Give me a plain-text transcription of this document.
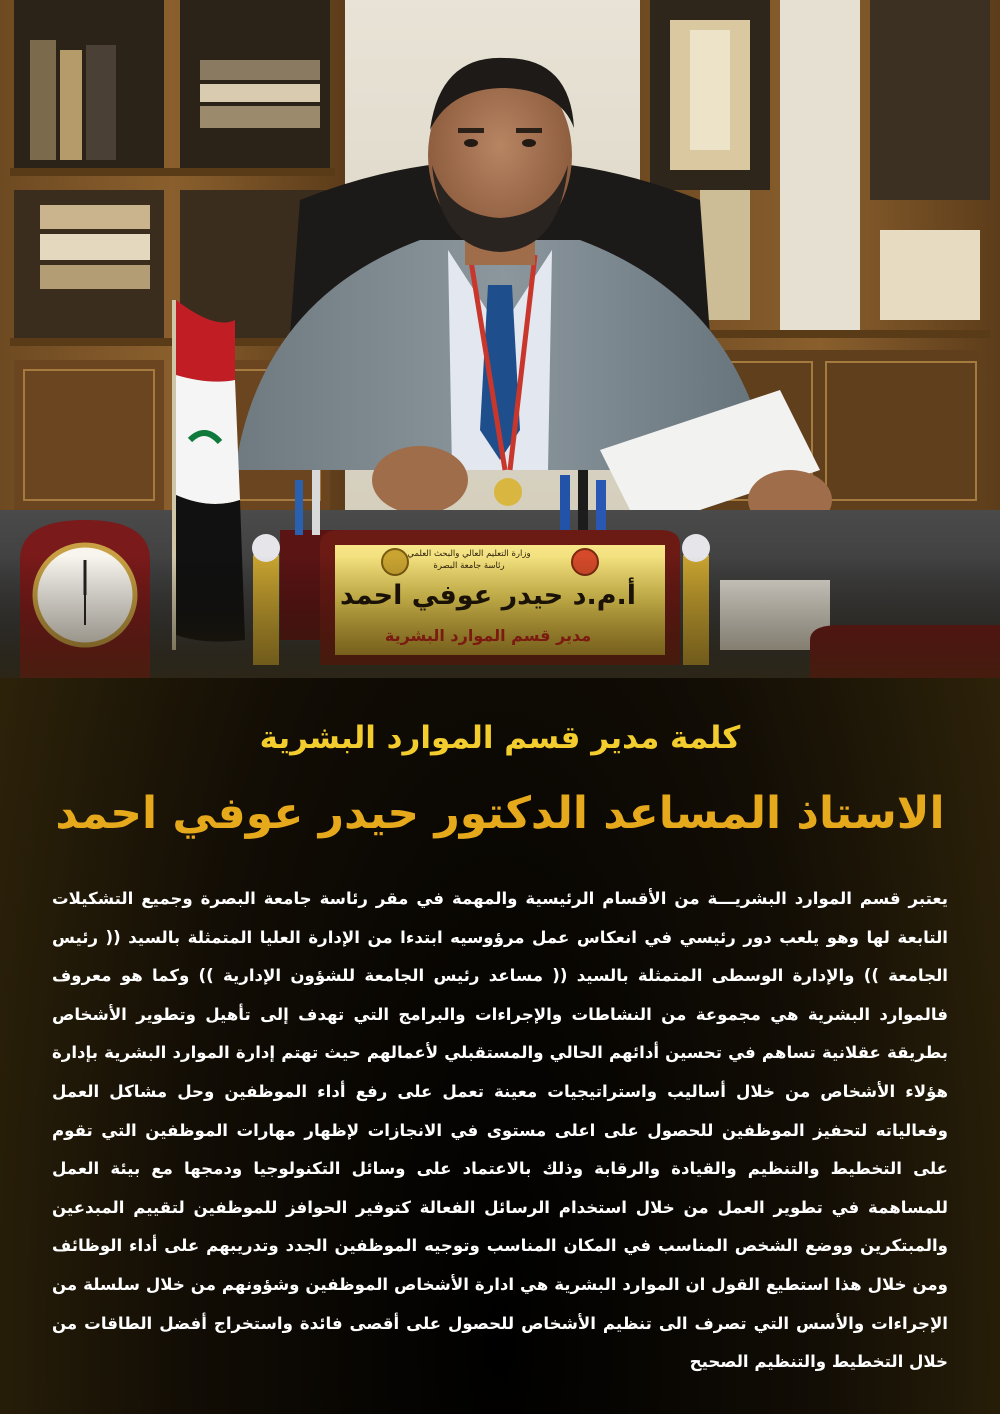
وزارة التعليم العالي والبحث العلمي
رئاسة جامعة البصرة
أ.م.د حيدر عوفي احمد
مدير قسم الموارد البشرية
كلمة مدير قسم الموارد البشرية
الاستاذ المساعد الدكتور حيدر عوفي احمد
يعتبر قسم الموارد البشريـــة من الأقسام الرئيسية والمهمة في مقر رئاسة جامعة البصرة وجميع التشكيلات التابعة لها وهو يلعب دور رئيسي في انعكاس عمل مرؤوسيه ابتدءا من الإدارة العليا المتمثلة بالسيد (( رئيس الجامعة )) والإدارة الوسطى المتمثلة بالسيد (( مساعد رئيس الجامعة للشؤون الإدارية )) وكما هو معروف فالموارد البشرية هي مجموعة من النشاطات والإجراءات والبرامج التي تهدف إلى تأهيل وتطوير الأشخاص بطريقة عقلانية تساهم في تحسين أدائهم الحالي والمستقبلي لأعمالهم حيث تهتم إدارة الموارد البشرية بإدارة هؤلاء الأشخاص من خلال أساليب واستراتيجيات معينة تعمل على رفع أداء الموظفين وحل مشاكل العمل وفعالياته لتحفيز الموظفين للحصول على اعلى مستوى في الانجازات لإظهار مهارات الموظفين التي تقوم على التخطيط والتنظيم والقيادة والرقابة وذلك بالاعتماد على وسائل التكنولوجيا ودمجها مع بيئة العمل للمساهمة في تطوير العمل من خلال استخدام الرسائل الفعالة كتوفير الحوافز للموظفين لتقييم المبدعين والمبتكرين ووضع الشخص المناسب في المكان المناسب وتوجيه الموظفين الجدد وتدريبهم على أداء الوظائف ومن خلال هذا استطيع القول ان الموارد البشرية هي ادارة الأشخاص الموظفين وشؤونهم من خلال سلسلة من الإجراءات والأسس التي تصرف الى تنظيم الأشخاص للحصول على أقصى فائدة واستخراج أفضل الطاقات من خلال التخطيط والتنظيم الصحيح
